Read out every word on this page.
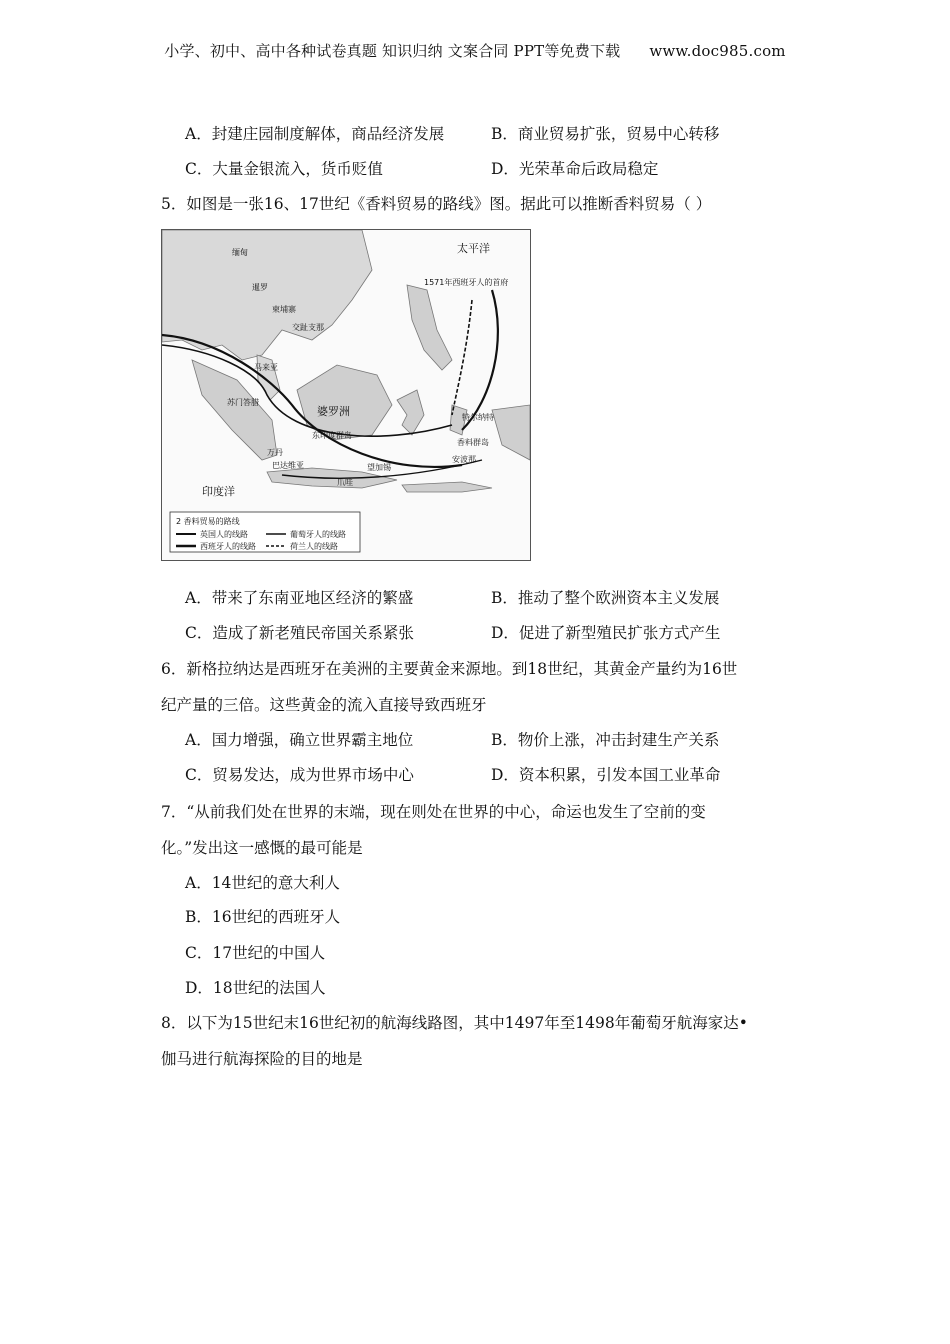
小学、初中、高中各种试卷真题 知识归纳 文案合同 PPT等免费下载 www.doc985.com
A．封建庄园制度解体，商品经济发展	B．商业贸易扩张，贸易中心转移
C．大量金银流入，货币贬值	D．光荣革命后政局稳定
5．如图是一张16、17世纪《香料贸易的路线》图。据此可以推断香料贸易（ ）
太平洋
印度洋
婆罗洲
东印度群岛
苏门答腊
缅甸
暹罗
柬埔寨
交趾支那
马来亚
1571年西班牙人的首府
香料群岛
特尔纳特
安波那
望加锡
爪哇
万丹
巴达维亚
2 香料贸易的路线
英国人的线路	葡萄牙人的线路
西班牙人的线路	荷兰人的线路
A．带来了东南亚地区经济的繁盛	B．推动了整个欧洲资本主义发展
C．造成了新老殖民帝国关系紧张	D．促进了新型殖民扩张方式产生
6．新格拉纳达是西班牙在美洲的主要黄金来源地。到18世纪，其黄金产量约为16世
纪产量的三倍。这些黄金的流入直接导致西班牙
A．国力增强，确立世界霸主地位	B．物价上涨，冲击封建生产关系
C．贸易发达，成为世界市场中心	D．资本积累，引发本国工业革命
7．“从前我们处在世界的末端，现在则处在世界的中心，命运也发生了空前的变
化。”发出这一感慨的最可能是
A．14世纪的意大利人
B．16世纪的西班牙人
C．17世纪的中国人
D．18世纪的法国人
8．以下为15世纪末16世纪初的航海线路图，其中1497年至1498年葡萄牙航海家达•
伽马进行航海探险的目的地是
